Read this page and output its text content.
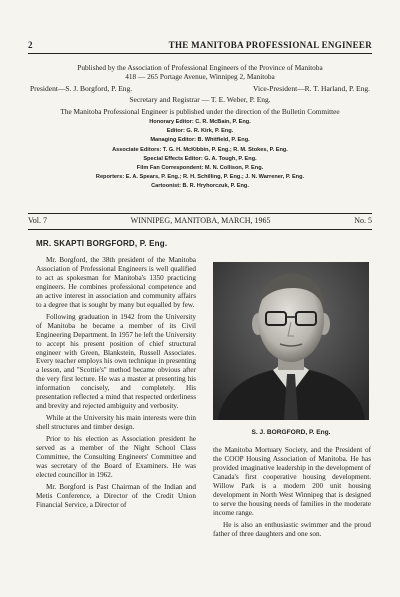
2	THE MANITOBA PROFESSIONAL ENGINEER
Published by the Association of Professional Engineers of the Province of Manitoba
418 — 265 Portage Avenue, Winnipeg 2, Manitoba
President—S. J. Borgford, P. Eng.	Vice-President—R. T. Harland, P. Eng.
Secretary and Registrar — T. E. Weber, P. Eng.
The Manitoba Professional Engineer is published under the direction of the Bulletin Committee
Honorary Editor: C. R. McBain, P. Eng.
Editor: G. R. Kirk, P. Eng.
Managing Editor: B. Whitfield, P. Eng.
Associate Editors: T. G. H. McKibbin, P. Eng.; R. M. Stokes, P. Eng.
Special Effects Editor: G. A. Tough, P. Eng.
Film Fan Correspondent: M. N. Collison, P. Eng.
Reporters: E. A. Spears, P. Eng.; R. H. Schilling, P. Eng.; J. N. Warrener, P. Eng.
Cartoonist: B. R. Hryhorczuk, P. Eng.
Vol. 7	WINNIPEG, MANITOBA, MARCH, 1965	No. 5
MR. SKAPTI BORGFORD, P. Eng.

Mr. Borgford, the 38th president of the Manitoba Association of Professional Engineers is well qualified to act as spokesman for Manitoba's 1350 practicing engineers. He combines professional competence and an active interest in association and community affairs to a degree that is sought by many but equalled by few.

Following graduation in 1942 from the University of Manitoba he became a member of its Civil Engineering Department. In 1957 he left the University to accept his present position of chief structural engineer with Green, Blankstein, Russell Associates. Every teacher employs his own technique in presenting a lesson, and "Scottie's" method became obvious after the very first lecture. He was a master at presenting his information concisely, and completely. His presentation reflected a mind that respected orderliness and brevity and rejected ambiguity and verbosity.

While at the University his main interests were thin shell structures and timber design.

Prior to his election as Association president he served as a member of the Night School Class Committee, the Consulting Engineers' Committee and was secretary of the Board of Examiners. He was elected councillor in 1962.

Mr. Borgford is Past Chairman of the Indian and Metis Conference, a Director of the Credit Union Financial Service, a Director of

S. J. BORGFORD, P. Eng.

the Manitoba Mortuary Society, and the President of the COOP Housing Association of Manitoba. He has provided imaginative leadership in the development of Canada's first cooperative housing development. Willow Park is a modern 200 unit housing development in North West Winnipeg that is designed to serve the housing needs of families in the moderate income range.

He is also an enthusiastic swimmer and the proud father of three daughters and one son.
